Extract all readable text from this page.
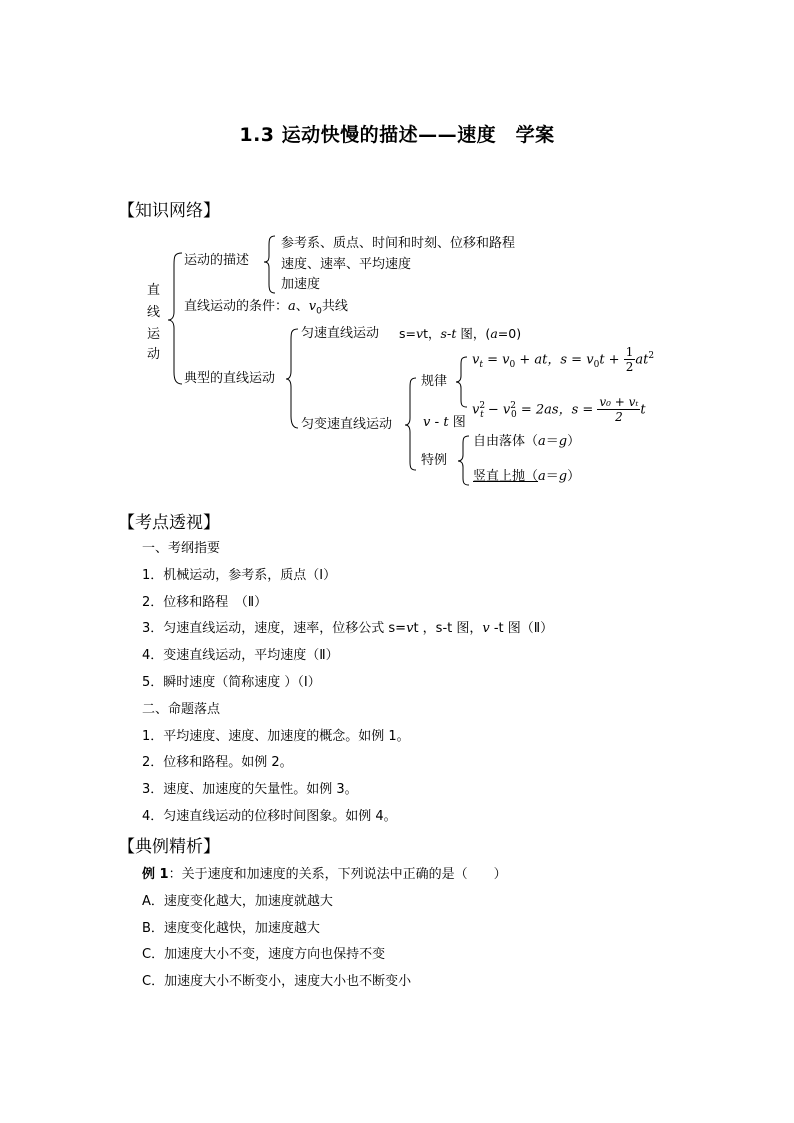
1.3 运动快慢的描述——速度　学案
【知识网络】
直
线
运
动
运动的描述
参考系、质点、时间和时刻、位移和路程
速度、速率、平均速度
加速度
直线运动的条件：a、$v_0$共线
典型的直线运动
匀速直线运动 s=vt，s-t 图，(a=0)
匀变速直线运动
规律
v - t 图
特例
$v_t = v_0$ + at，$s = v_0t + \frac{1}{2} at^2$
$v^2_t - v^2_0 = 2as$，$s = \frac{\text{v₀ + vₜ}}{2}$ t
自由落体（a＝g）
竖直上抛（a＝g）
【考点透视】
一、考纲指要
1．机械运动，参考系，质点（Ⅰ）
2．位移和路程　（Ⅱ）
3．匀速直线运动，速度，速率，位移公式 s=vt ，s-t 图，v -t 图（Ⅱ）
4．变速直线运动，平均速度（Ⅱ）
5．瞬时速度（简称速度 ）（Ⅰ）
二、命题落点
1．平均速度、速度、加速度的概念。如例 1。
2．位移和路程。如例 2。
3．速度、加速度的矢量性。如例 3。
4．匀速直线运动的位移时间图象。如例 4。
【典例精析】
例 1：关于速度和加速度的关系，下列说法中正确的是（　　）
A．速度变化越大，加速度就越大
B．速度变化越快，加速度越大
C．加速度大小不变，速度方向也保持不变
C．加速度大小不断变小，速度大小也不断变小
